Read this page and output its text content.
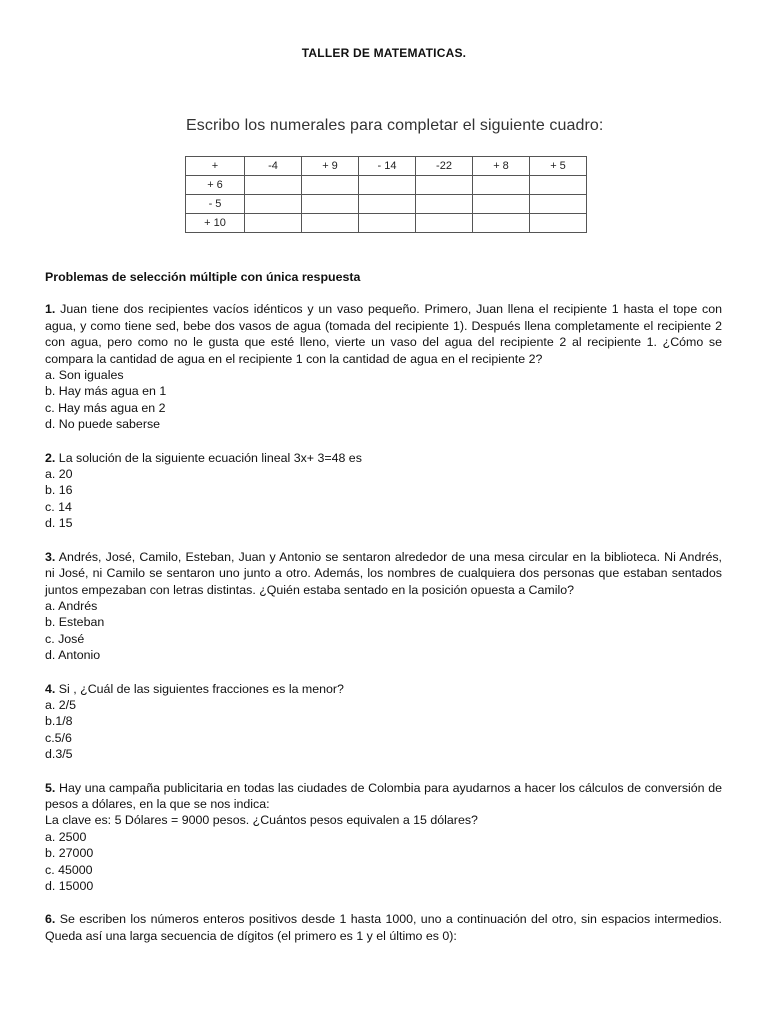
TALLER DE MATEMATICAS.
Escribo los numerales para completar el siguiente cuadro:
+	-4	+ 9	- 14	-22	+ 8	+ 5
+ 6						
- 5						
+ 10						

Problemas de selección múltiple con única respuesta

1. Juan tiene dos recipientes vacíos idénticos y un vaso pequeño. Primero, Juan llena el recipiente 1 hasta el tope con agua, y como tiene sed, bebe dos vasos de agua (tomada del recipiente 1). Después llena completamente el recipiente 2 con agua, pero como no le gusta que esté lleno, vierte un vaso del agua del recipiente 2 al recipiente 1. ¿Cómo se compara la cantidad de agua en el recipiente 1 con la cantidad de agua en el recipiente 2?

a. Son iguales

b. Hay más agua en 1

c. Hay más agua en 2

d. No puede saberse

2. La solución de la siguiente ecuación lineal 3x+ 3=48 es

a. 20

b. 16

c. 14

d. 15

3. Andrés, José, Camilo, Esteban, Juan y Antonio se sentaron alrededor de una mesa circular en la biblioteca. Ni Andrés, ni José, ni Camilo se sentaron uno junto a otro. Además, los nombres de cualquiera dos personas que estaban sentados juntos empezaban con letras distintas. ¿Quién estaba sentado en la posición opuesta a Camilo?

a. Andrés

b. Esteban

c. José

d. Antonio

4. Si , ¿Cuál de las siguientes fracciones es la menor?

a. 2/5

b.1/8

c.5/6

d.3/5

5. Hay una campaña publicitaria en todas las ciudades de Colombia para ayudarnos a hacer los cálculos de conversión de pesos a dólares, en la que se nos indica:

La clave es: 5 Dólares = 9000 pesos. ¿Cuántos pesos equivalen a 15 dólares?

a. 2500

b. 27000

c. 45000

d. 15000

6. Se escriben los números enteros positivos desde 1 hasta 1000, uno a continuación del otro, sin espacios intermedios. Queda así una larga secuencia de dígitos (el primero es 1 y el último es 0):
